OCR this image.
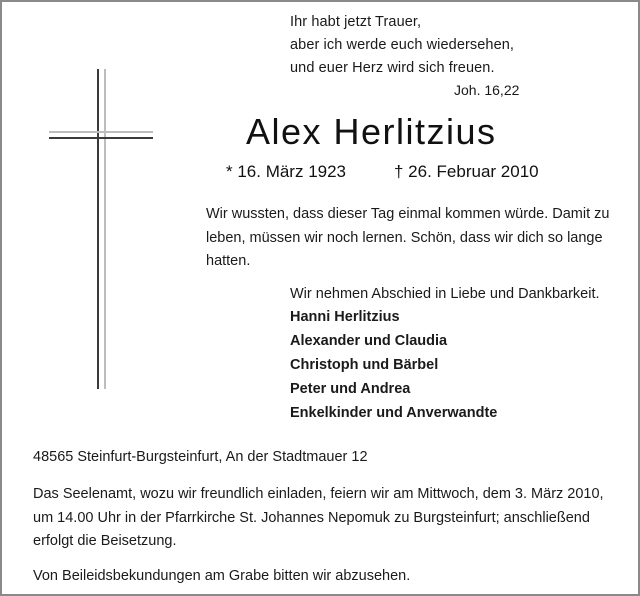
Ihr habt jetzt Trauer,
aber ich werde euch wiedersehen,
und euer Herz wird sich freuen.
Joh. 16,22
Alex Herlitzius
* 16. März 1923	† 26. Februar 2010
Wir wussten, dass dieser Tag einmal kommen würde. Damit zu
leben, müssen wir noch lernen. Schön, dass wir dich so lange
hatten.
Wir nehmen Abschied in Liebe und Dankbarkeit.
Hanni Herlitzius
Alexander und Claudia
Christoph und Bärbel
Peter und Andrea
Enkelkinder und Anverwandte
48565 Steinfurt-Burgsteinfurt, An der Stadtmauer 12
Das Seelenamt, wozu wir freundlich einladen, feiern wir am Mittwoch, dem 3. März 2010,
um 14.00 Uhr in der Pfarrkirche St. Johannes Nepomuk zu Burgsteinfurt; anschließend
erfolgt die Beisetzung.
Von Beileidsbekundungen am Grabe bitten wir abzusehen.
